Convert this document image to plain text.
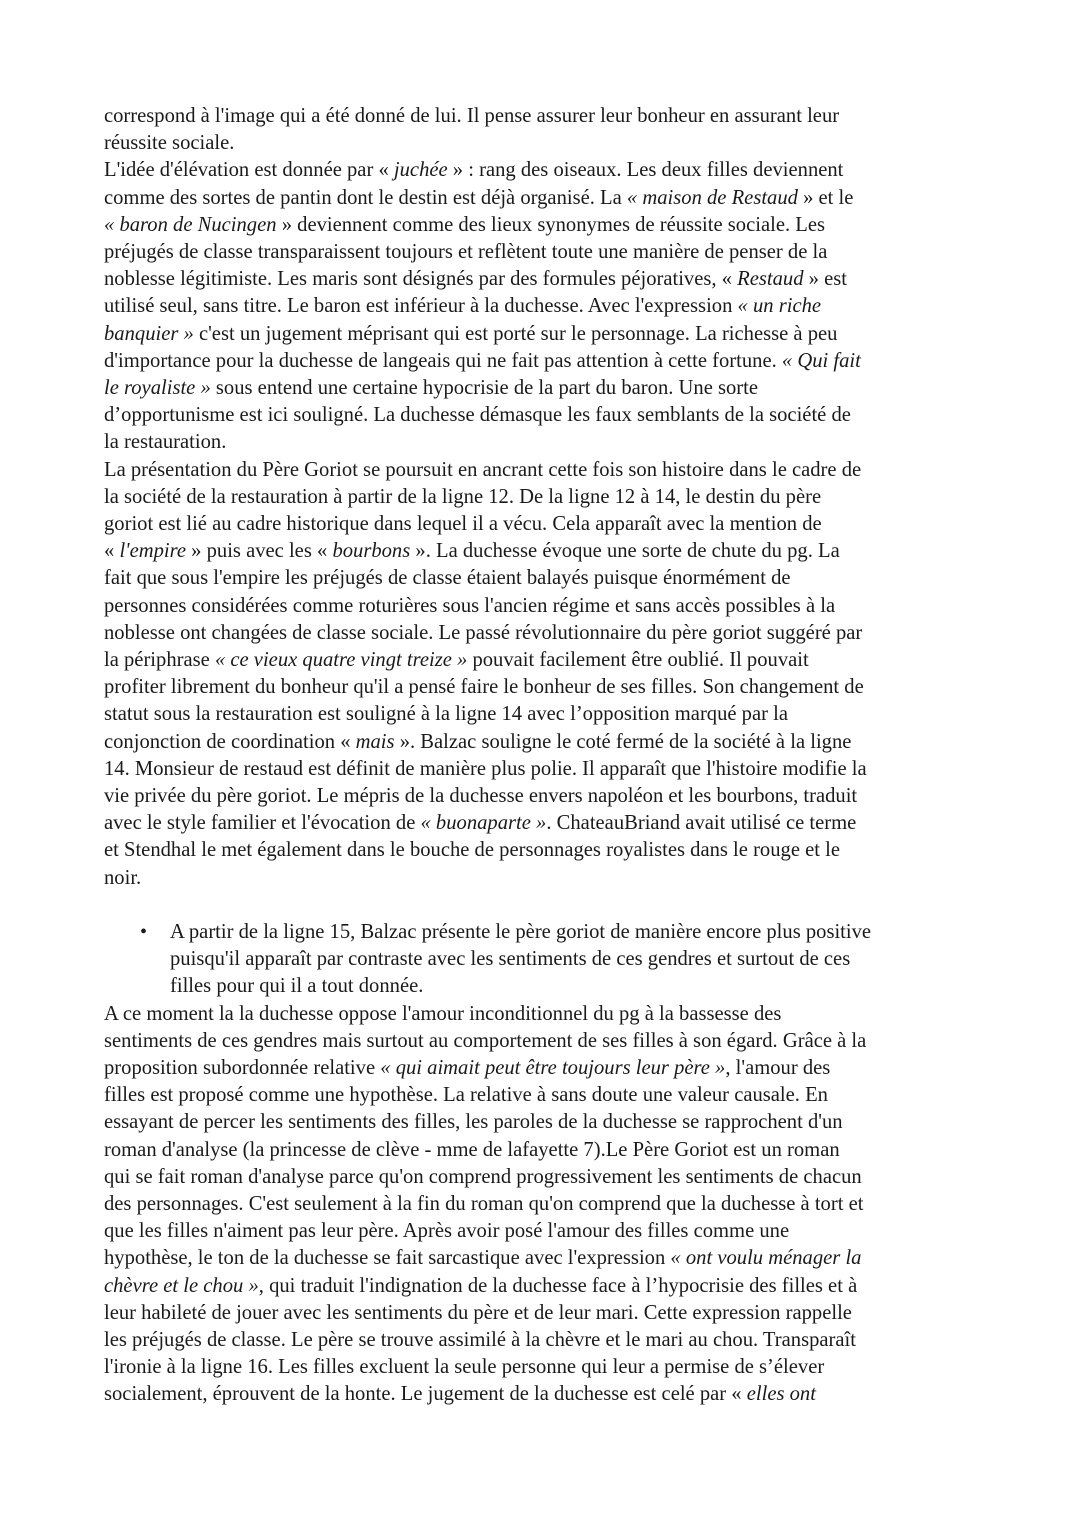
correspond à l'image qui a été donné de lui. Il pense assurer leur bonheur en assurant leur
réussite sociale.

L'idée d'élévation est donnée par « juchée » : rang des oiseaux. Les deux filles deviennent
comme des sortes de pantin dont le destin est déjà organisé. La « maison de Restaud » et le
« baron de Nucingen » deviennent comme des lieux synonymes de réussite sociale. Les
préjugés de classe transparaissent toujours et reflètent toute une manière de penser de la
noblesse légitimiste. Les maris sont désignés par des formules péjoratives, « Restaud » est
utilisé seul, sans titre. Le baron est inférieur à la duchesse. Avec l'expression « un riche
banquier » c'est un jugement méprisant qui est porté sur le personnage. La richesse à peu
d'importance pour la duchesse de langeais qui ne fait pas attention à cette fortune. « Qui fait
le royaliste » sous entend une certaine hypocrisie de la part du baron. Une sorte
d’opportunisme est ici souligné. La duchesse démasque les faux semblants de la société de
la restauration.

La présentation du Père Goriot se poursuit en ancrant cette fois son histoire dans le cadre de
la société de la restauration à partir de la ligne 12. De la ligne 12 à 14, le destin du père
goriot est lié au cadre historique dans lequel il a vécu. Cela apparaît avec la mention de
« l'empire » puis avec les « bourbons ». La duchesse évoque une sorte de chute du pg. La
fait que sous l'empire les préjugés de classe étaient balayés puisque énormément de
personnes considérées comme roturières sous l'ancien régime et sans accès possibles à la
noblesse ont changées de classe sociale. Le passé révolutionnaire du père goriot suggéré par
la périphrase « ce vieux quatre vingt treize » pouvait facilement être oublié. Il pouvait
profiter librement du bonheur qu'il a pensé faire le bonheur de ses filles. Son changement de
statut sous la restauration est souligné à la ligne 14 avec l’opposition marqué par la
conjonction de coordination « mais ». Balzac souligne le coté fermé de la société à la ligne
14. Monsieur de restaud est définit de manière plus polie. Il apparaît que l'histoire modifie la
vie privée du père goriot. Le mépris de la duchesse envers napoléon et les bourbons, traduit
avec le style familier et l'évocation de « buonaparte ». ChateauBriand avait utilisé ce terme
et Stendhal le met également dans le bouche de personnages royalistes dans le rouge et le
noir.

• A partir de la ligne 15, Balzac présente le père goriot de manière encore plus positive
puisqu'il apparaît par contraste avec les sentiments de ces gendres et surtout de ces
filles pour qui il a tout donnée.

A ce moment la la duchesse oppose l'amour inconditionnel du pg à la bassesse des
sentiments de ces gendres mais surtout au comportement de ses filles à son égard. Grâce à la
proposition subordonnée relative « qui aimait peut être toujours leur père », l'amour des
filles est proposé comme une hypothèse. La relative à sans doute une valeur causale. En
essayant de percer les sentiments des filles, les paroles de la duchesse se rapprochent d'un
roman d'analyse (la princesse de clève - mme de lafayette 7).Le Père Goriot est un roman
qui se fait roman d'analyse parce qu'on comprend progressivement les sentiments de chacun
des personnages. C'est seulement à la fin du roman qu'on comprend que la duchesse à tort et
que les filles n'aiment pas leur père. Après avoir posé l'amour des filles comme une
hypothèse, le ton de la duchesse se fait sarcastique avec l'expression « ont voulu ménager la
chèvre et le chou », qui traduit l'indignation de la duchesse face à l’hypocrisie des filles et à
leur habileté de jouer avec les sentiments du père et de leur mari. Cette expression rappelle
les préjugés de classe. Le père se trouve assimilé à la chèvre et le mari au chou. Transparaît
l'ironie à la ligne 16. Les filles excluent la seule personne qui leur a permise de s’élever
socialement, éprouvent de la honte. Le jugement de la duchesse est celé par « elles ont
